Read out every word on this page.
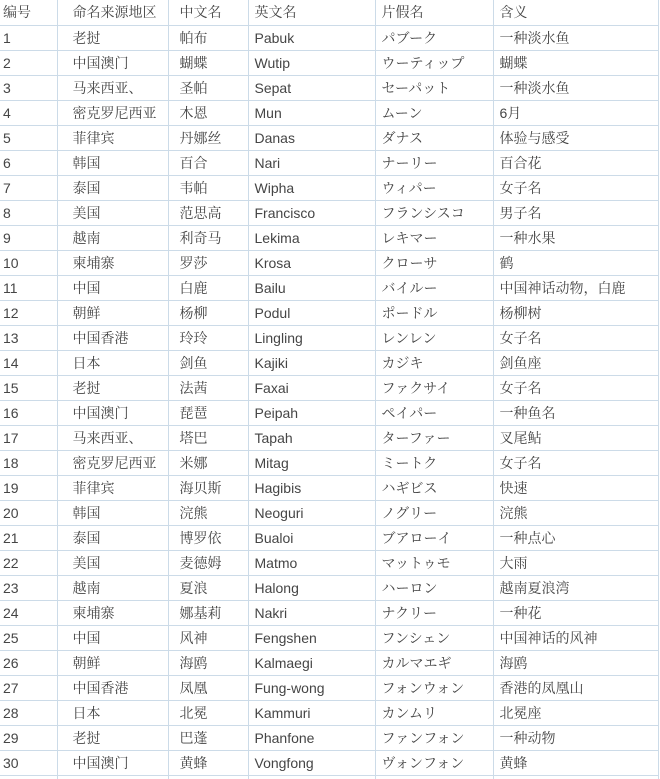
编号	命名来源地区	中文名	英文名	片假名	含义
1	老挝	帕布	Pabuk	パブーク	一种淡水鱼
2	中国澳门	蝴蝶	Wutip	ウーティップ	蝴蝶
3	马来西亚、	圣帕	Sepat	セーパット	一种淡水鱼
4	密克罗尼西亚	木恩	Mun	ムーン	6月
5	菲律宾	丹娜丝	Danas	ダナス	体验与感受
6	韩国	百合	Nari	ナーリー	百合花
7	泰国	韦帕	Wipha	ウィパー	女子名
8	美国	范思高	Francisco	フランシスコ	男子名
9	越南	利奇马	Lekima	レキマー	一种水果
10	柬埔寨	罗莎	Krosa	クローサ	鹤
11	中国	白鹿	Bailu	バイルー	中国神话动物，白鹿
12	朝鲜	杨柳	Podul	ポードル	杨柳树
13	中国香港	玲玲	Lingling	レンレン	女子名
14	日本	剑鱼	Kajiki	カジキ	剑鱼座
15	老挝	法茜	Faxai	ファクサイ	女子名
16	中国澳门	琵琶	Peipah	ペイパー	一种鱼名
17	马来西亚、	塔巴	Tapah	ターファー	叉尾鲇
18	密克罗尼西亚	米娜	Mitag	ミートク	女子名
19	菲律宾	海贝斯	Hagibis	ハギビス	快速
20	韩国	浣熊	Neoguri	ノグリー	浣熊
21	泰国	博罗依	Bualoi	ブアローイ	一种点心
22	美国	麦德姆	Matmo	マットゥモ	大雨
23	越南	夏浪	Halong	ハーロン	越南夏浪湾
24	柬埔寨	娜基莉	Nakri	ナクリー	一种花
25	中国	风神	Fengshen	フンシェン	中国神话的风神
26	朝鲜	海鸥	Kalmaegi	カルマエギ	海鸥
27	中国香港	凤凰	Fung-wong	フォンウォン	香港的凤凰山
28	日本	北冕	Kammuri	カンムリ	北冕座
29	老挝	巴蓬	Phanfone	ファンフォン	一种动物
30	中国澳门	黄蜂	Vongfong	ヴォンフォン	黄蜂
